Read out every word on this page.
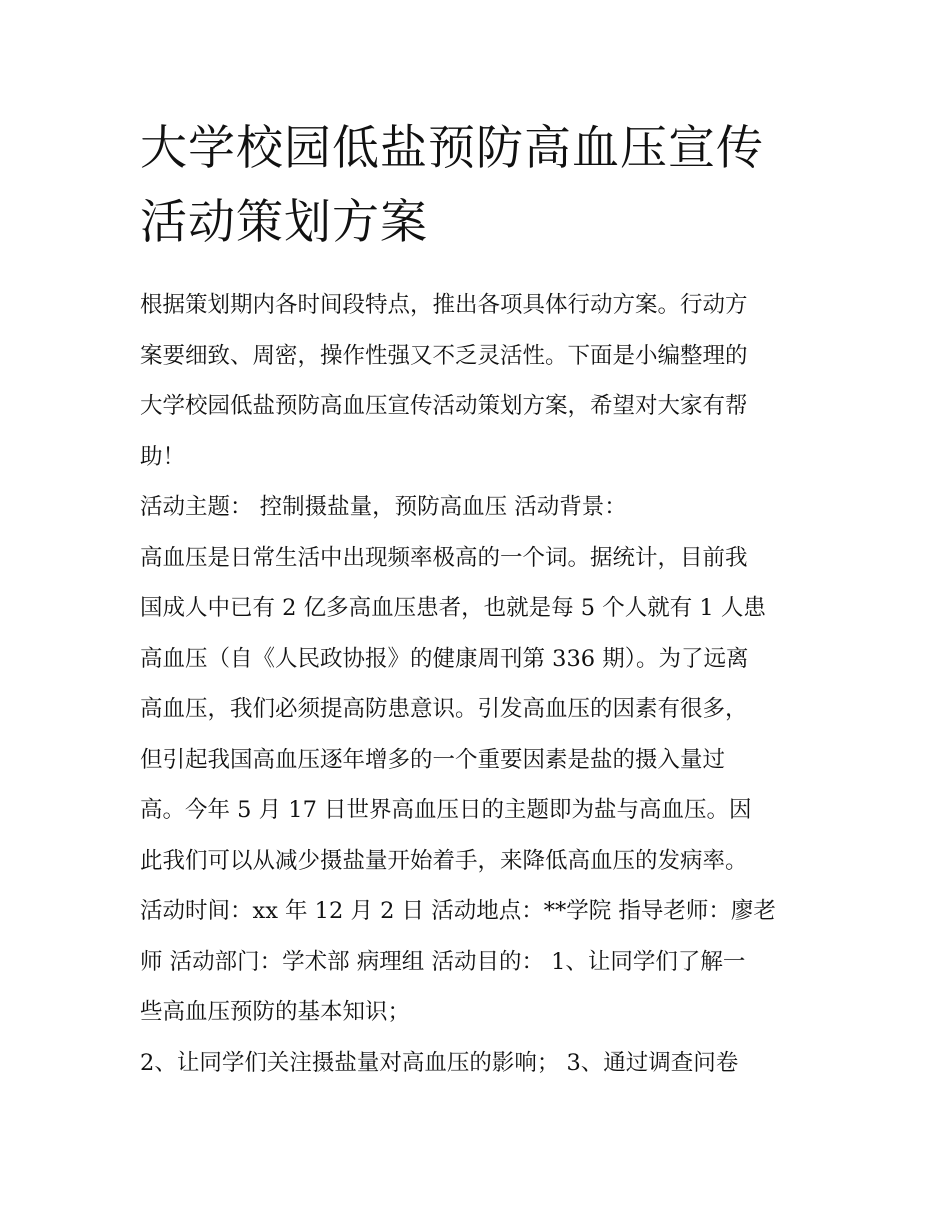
大学校园低盐预防高血压宣传
活动策划方案
根据策划期内各时间段特点，推出各项具体行动方案。行动方
案要细致、周密，操作性强又不乏灵活性。下面是小编整理的
大学校园低盐预防高血压宣传活动策划方案，希望对大家有帮
助！
活动主题： 控制摄盐量，预防高血压 活动背景：
高血压是日常生活中出现频率极高的一个词。据统计，目前我
国成人中已有 2 亿多高血压患者，也就是每 5 个人就有 1 人患
高血压（自《人民政协报》的健康周刊第 336 期）。为了远离
高血压，我们必须提高防患意识。引发高血压的因素有很多，
但引起我国高血压逐年增多的一个重要因素是盐的摄入量过
高。今年 5 月 17 日世界高血压日的主题即为盐与高血压。因
此我们可以从减少摄盐量开始着手，来降低高血压的发病率。
活动时间：xx 年 12 月 2 日 活动地点：**学院 指导老师：廖老
师 活动部门：学术部 病理组 活动目的： 1、让同学们了解一
些高血压预防的基本知识；
2、让同学们关注摄盐量对高血压的影响； 3、通过调查问卷
